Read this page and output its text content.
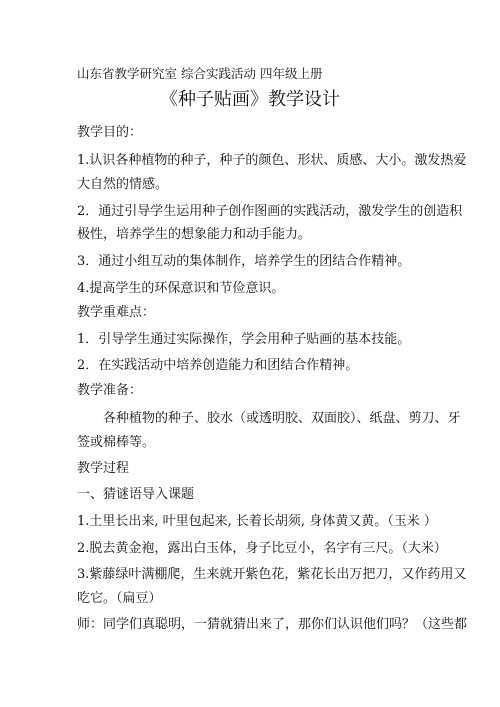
山东省教学研究室 综合实践活动 四年级上册
《种子贴画》教学设计
教学目的：
1.认识各种植物的种子，种子的颜色、形状、质感、大小。激发热爱
大自然的情感。
2．通过引导学生运用种子创作图画的实践活动，激发学生的创造积
极性，培养学生的想象能力和动手能力。
3．通过小组互动的集体制作，培养学生的团结合作精神。
4.提高学生的环保意识和节俭意识。
教学重难点：
1．引导学生通过实际操作，学会用种子贴画的基本技能。
2．在实践活动中培养创造能力和团结合作精神。
教学准备：
各种植物的种子、胶水（或透明胶、双面胶）、纸盘、剪刀、牙
签或棉棒等。
教学过程
一、猜谜语导入课题
1.土里长出来, 叶里包起来, 长着长胡须, 身体黄又黄。（玉米 ）
2.脱去黄金袍，露出白玉体，身子比豆小，名字有三尺。（大米）
3.紫藤绿叶满棚爬，生来就开紫色花，紫花长出万把刀，又作药用又
吃它。（扁豆）
师：同学们真聪明，一猜就猜出来了，那你们认识他们吗？（这些都
